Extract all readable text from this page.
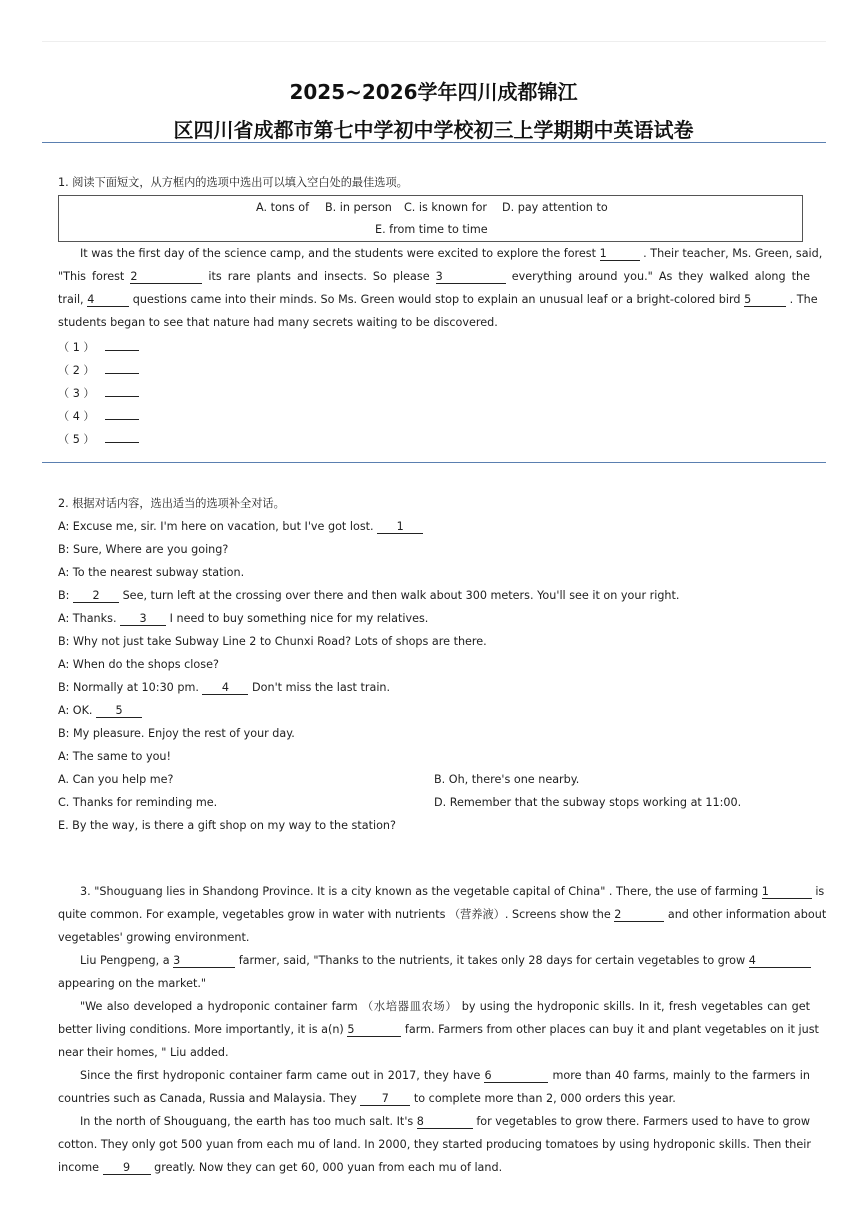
2025~2026学年四川成都锦江
区四川省成都市第七中学初中学校初三上学期期中英语试卷
1. 阅读下面短文，从方框内的选项中选出可以填入空白处的最佳选项。
A. tons of B. in person C. is known for D. pay attention to
E. from time to time
It was the first day of the science camp, and the students were excited to explore the forest 1	. Their teacher, Ms. Green, said,
"This forest 2	its rare plants and insects. So please 3	everything around you." As they walked along the
trail, 4	questions came into their minds. So Ms. Green would stop to explain an unusual leaf or a bright-colored bird 5	. The
students began to see that nature had many secrets waiting to be discovered.
（ 1 ）
（ 2 ）
（ 3 ）
（ 4 ）
（ 5 ）
2. 根据对话内容，选出适当的选项补全对话。
A: Excuse me, sir. I'm here on vacation, but I've got lost. 1
B: Sure, Where are you going?
A: To the nearest subway station.
B: 2 See, turn left at the crossing over there and then walk about 300 meters. You'll see it on your right.
A: Thanks. 3 I need to buy something nice for my relatives.
B: Why not just take Subway Line 2 to Chunxi Road? Lots of shops are there.
A: When do the shops close?
B: Normally at 10:30 pm. 4 Don't miss the last train.
A: OK. 5
B: My pleasure. Enjoy the rest of your day.
A: The same to you!
A. Can you help me?	B. Oh, there's one nearby.
C. Thanks for reminding me.	D. Remember that the subway stops working at 11:00.
E. By the way, is there a gift shop on my way to the station?
3. "Shouguang lies in Shandong Province. It is a city known as the vegetable capital of China" . There, the use of farming 1	is
quite common. For example, vegetables grow in water with nutrients （营养液）. Screens show the 2	and other information about
vegetables' growing environment.
Liu Pengpeng, a 3	farmer, said, "Thanks to the nutrients, it takes only 28 days for certain vegetables to grow 4
appearing on the market."
"We also developed a hydroponic container farm （水培器皿农场） by using the hydroponic skills. In it, fresh vegetables can get
better living conditions. More importantly, it is a(n) 5	farm. Farmers from other places can buy it and plant vegetables on it just
near their homes, " Liu added.
Since the first hydroponic container farm came out in 2017, they have 6	more than 40 farms, mainly to the farmers in
countries such as Canada, Russia and Malaysia. They 7 to complete more than 2, 000 orders this year.
In the north of Shouguang, the earth has too much salt. It's 8	for vegetables to grow there. Farmers used to have to grow
cotton. They only got 500 yuan from each mu of land. In 2000, they started producing tomatoes by using hydroponic skills. Then their
income 9 greatly. Now they can get 60, 000 yuan from each mu of land.
